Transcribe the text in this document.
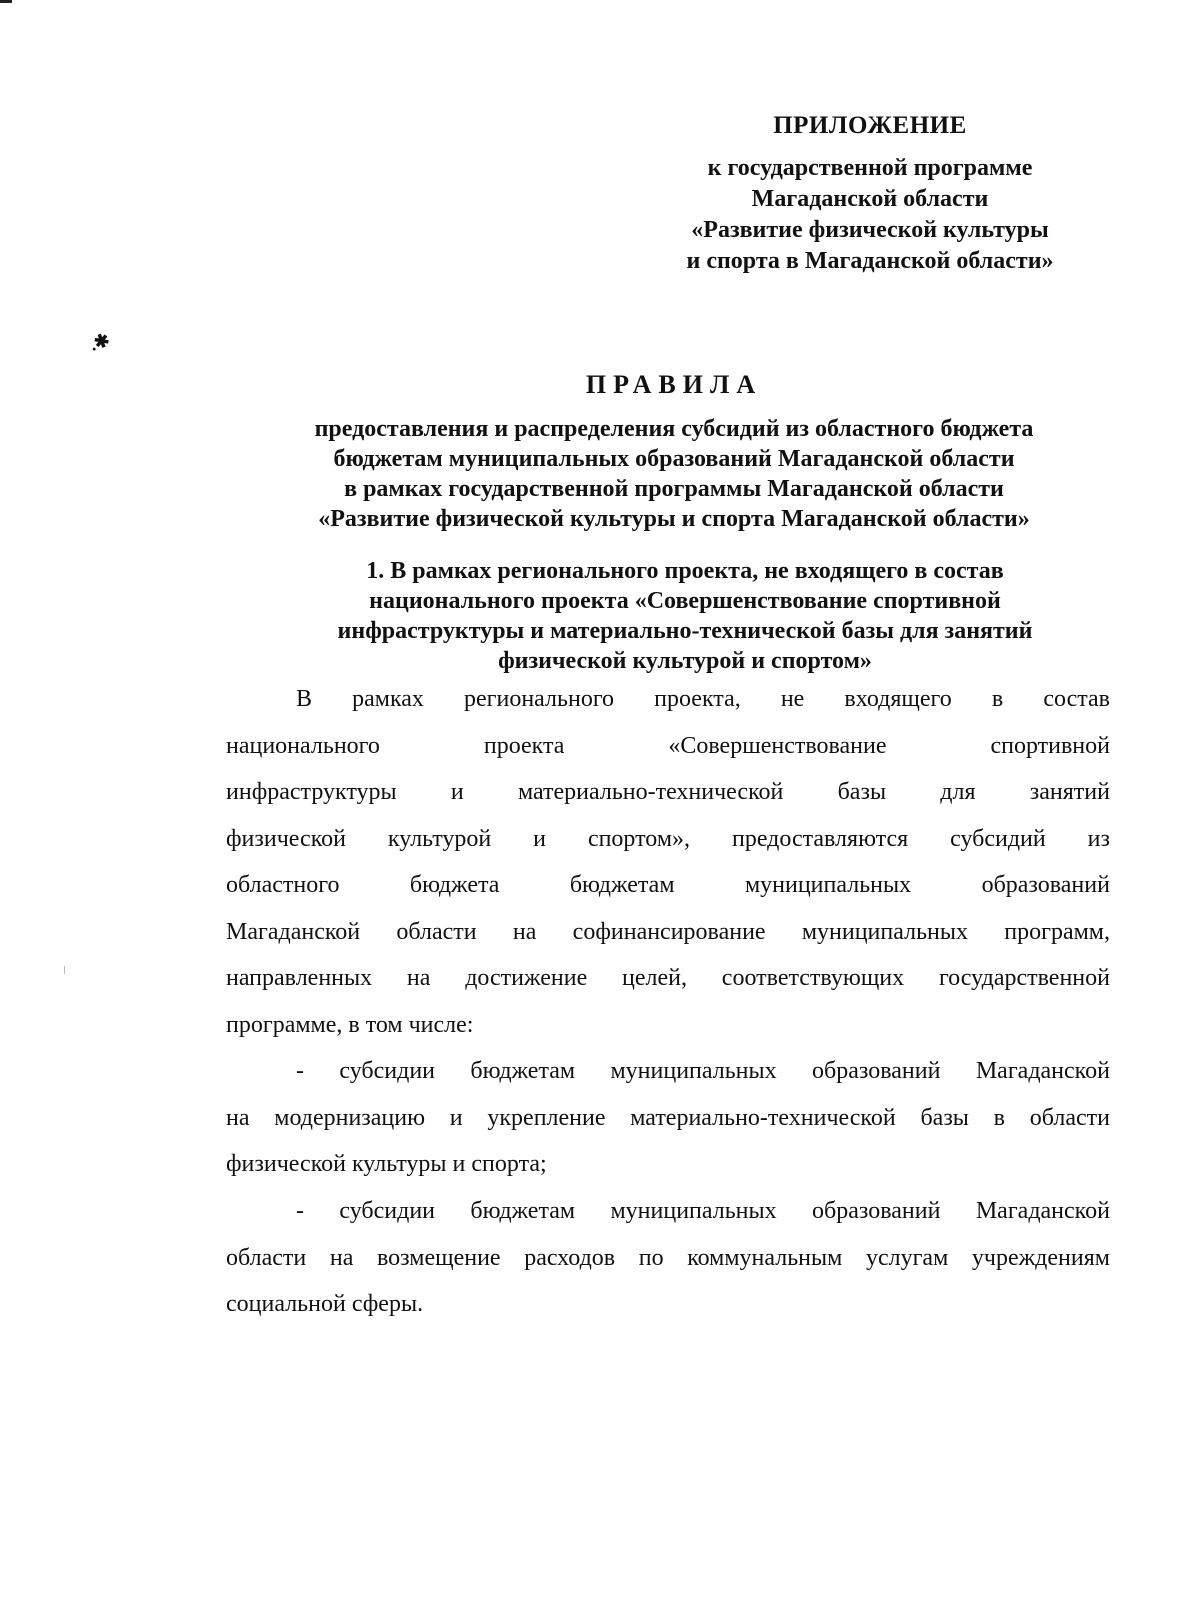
.✱
ПРИЛОЖЕНИЕ
к государственной программе
Магаданской области
«Развитие физической культуры
и спорта в Магаданской области»
ПРАВИЛА
предоставления и распределения субсидий из областного бюджета
бюджетам муниципальных образований Магаданской области
в рамках государственной программы Магаданской области
«Развитие физической культуры и спорта Магаданской области»
1. В рамках регионального проекта, не входящего в состав
национального проекта «Совершенствование спортивной
инфраструктуры и материально-технической базы для занятий
физической культурой и спортом»
В рамках регионального проекта, не входящего в состав
национального	проекта	«Совершенствование	спортивной
инфраструктуры и материально-технической базы для занятий
физической культурой и спортом», предоставляются субсидий из
областного	бюджета	бюджетам	муниципальных	образований
Магаданской области на софинансирование муниципальных программ,
направленных на достижение целей, соответствующих государственной
программе, в том числе:
- субсидии бюджетам муниципальных образований Магаданской
на модернизацию и укрепление материально-технической базы в области
физической культуры и спорта;
- субсидии бюджетам муниципальных образований Магаданской
области на возмещение расходов по коммунальным услугам учреждениям
социальной сферы.
